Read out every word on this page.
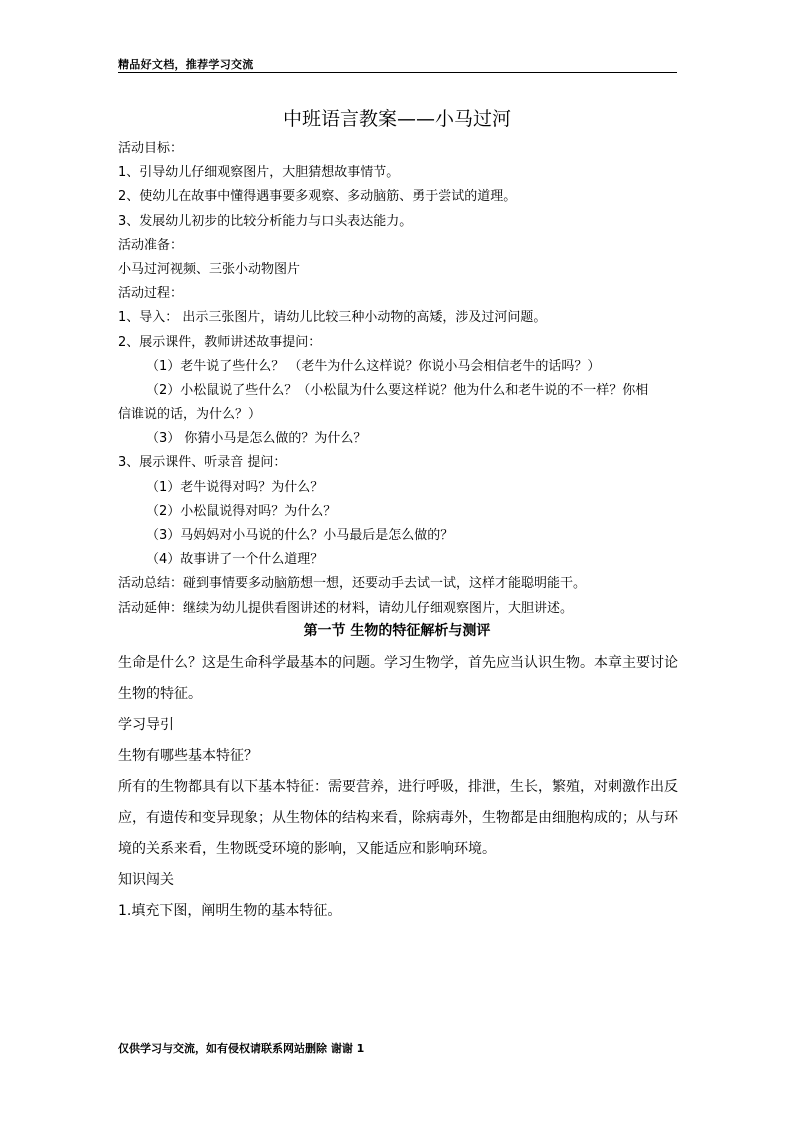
精品好文档，推荐学习交流
中班语言教案——小马过河
活动目标：
1、引导幼儿仔细观察图片，大胆猜想故事情节。
2、使幼儿在故事中懂得遇事要多观察、多动脑筋、勇于尝试的道理。
3、发展幼儿初步的比较分析能力与口头表达能力。
活动准备：
小马过河视频、三张小动物图片
活动过程：
1、导入： 出示三张图片，请幼儿比较三种小动物的高矮，涉及过河问题。
2、展示课件，教师讲述故事提问：
（1）老牛说了些什么？ （老牛为什么这样说？你说小马会相信老牛的话吗？）
（2）小松鼠说了些什么？（小松鼠为什么要这样说？他为什么和老牛说的不一样？你相
信谁说的话，为什么？）
（3） 你猜小马是怎么做的？为什么？
3、展示课件、听录音 提问：
（1）老牛说得对吗？为什么？
（2）小松鼠说得对吗？为什么？
（3）马妈妈对小马说的什么？小马最后是怎么做的？
（4）故事讲了一个什么道理？
活动总结：碰到事情要多动脑筋想一想，还要动手去试一试，这样才能聪明能干。
活动延伸：继续为幼儿提供看图讲述的材料，请幼儿仔细观察图片，大胆讲述。
第一节 生物的特征解析与测评
生命是什么？这是生命科学最基本的问题。学习生物学，首先应当认识生物。本章主要讨论
生物的特征。
学习导引
生物有哪些基本特征？
所有的生物都具有以下基本特征：需要营养，进行呼吸，排泄，生长，繁殖，对刺激作出反
应，有遗传和变异现象；从生物体的结构来看，除病毒外，生物都是由细胞构成的；从与环
境的关系来看，生物既受环境的影响，又能适应和影响环境。
知识闯关
1.填充下图，阐明生物的基本特征。
仅供学习与交流，如有侵权请联系网站删除 谢谢 1
